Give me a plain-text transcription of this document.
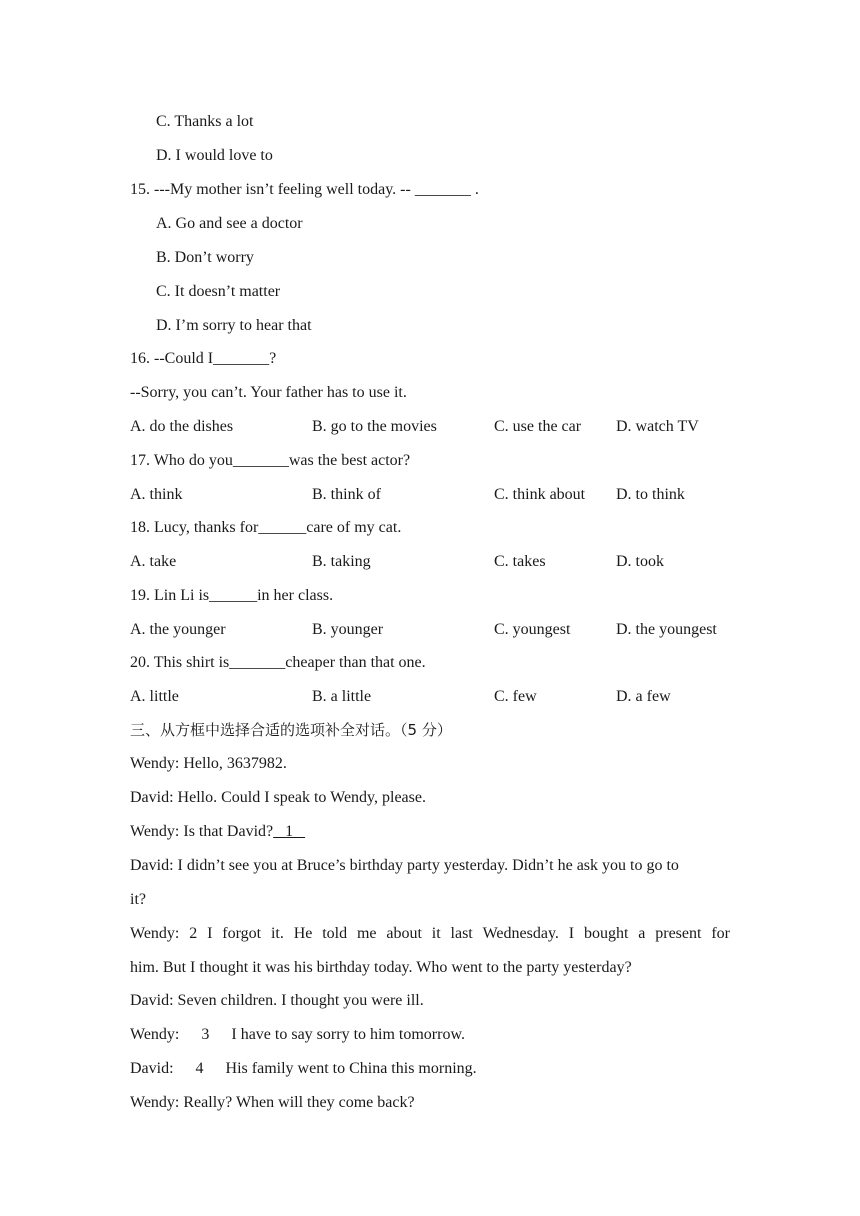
C. Thanks a lot
D. I would love to
15. ---My mother isn’t feeling well today. -- _______ .
A. Go and see a doctor
B. Don’t worry
C. It doesn’t matter
D. I’m sorry to hear that
16. --Could I_______?
--Sorry, you can’t. Your father has to use it.
A. do the dishes	B. go to the movies	C. use the car D. watch TV
17. Who do you_______was the best actor?
A. think	B. think of	C. think about D. to think
18. Lucy, thanks for______care of my cat.
A. take	B. taking	C. takes	D. took
19. Lin Li is______in her class.
A. the younger	B. younger	C. youngest	D. the youngest
20. This shirt is_______cheaper than that one.
A. little	B. a little	C. few	D. a few
三、从方框中选择合适的选项补全对话。（5 分）
Wendy: Hello, 3637982.
David: Hello. Could I speak to Wendy, please.
Wendy: Is that David?   1
David: I didn’t see you at Bruce’s birthday party yesterday. Didn’t he ask you to go to
it?
Wendy: 2 I forgot it. He told me about it last Wednesday. I bought a present for
him. But I thought it was his birthday today. Who went to the party yesterday?
David: Seven children. I thought you were ill.
Wendy: 3 I have to say sorry to him tomorrow.
David: 4 His family went to China this morning.
Wendy: Really? When will they come back?
